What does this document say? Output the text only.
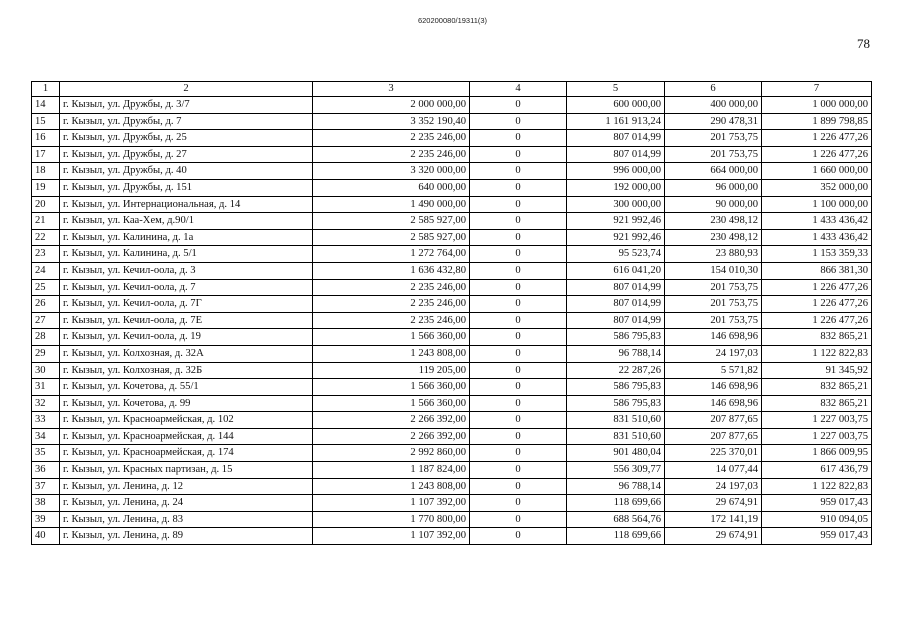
620200080/19311(3)
78
1	2	3	4	5	6	7
14	г. Кызыл, ул. Дружбы, д. 3/7	2 000 000,00	0	600 000,00	400 000,00	1 000 000,00
15	г. Кызыл, ул. Дружбы, д. 7	3 352 190,40	0	1 161 913,24	290 478,31	1 899 798,85
16	г. Кызыл, ул. Дружбы, д. 25	2 235 246,00	0	807 014,99	201 753,75	1 226 477,26
17	г. Кызыл, ул. Дружбы, д. 27	2 235 246,00	0	807 014,99	201 753,75	1 226 477,26
18	г. Кызыл, ул. Дружбы, д. 40	3 320 000,00	0	996 000,00	664 000,00	1 660 000,00
19	г. Кызыл, ул. Дружбы, д. 151	640 000,00	0	192 000,00	96 000,00	352 000,00
20	г. Кызыл, ул. Интернациональная, д. 14	1 490 000,00	0	300 000,00	90 000,00	1 100 000,00
21	г. Кызыл, ул. Каа-Хем, д.90/1	2 585 927,00	0	921 992,46	230 498,12	1 433 436,42
22	г. Кызыл, ул. Калинина, д. 1а	2 585 927,00	0	921 992,46	230 498,12	1 433 436,42
23	г. Кызыл, ул. Калинина, д. 5/1	1 272 764,00	0	95 523,74	23 880,93	1 153 359,33
24	г. Кызыл, ул. Кечил-оола, д. 3	1 636 432,80	0	616 041,20	154 010,30	866 381,30
25	г. Кызыл, ул. Кечил-оола, д. 7	2 235 246,00	0	807 014,99	201 753,75	1 226 477,26
26	г. Кызыл, ул. Кечил-оола, д. 7Г	2 235 246,00	0	807 014,99	201 753,75	1 226 477,26
27	г. Кызыл, ул. Кечил-оола, д. 7Е	2 235 246,00	0	807 014,99	201 753,75	1 226 477,26
28	г. Кызыл, ул. Кечил-оола, д. 19	1 566 360,00	0	586 795,83	146 698,96	832 865,21
29	г. Кызыл, ул. Колхозная, д. 32А	1 243 808,00	0	96 788,14	24 197,03	1 122 822,83
30	г. Кызыл, ул. Колхозная, д. 32Б	119 205,00	0	22 287,26	5 571,82	91 345,92
31	г. Кызыл, ул. Кочетова, д. 55/1	1 566 360,00	0	586 795,83	146 698,96	832 865,21
32	г. Кызыл, ул. Кочетова, д. 99	1 566 360,00	0	586 795,83	146 698,96	832 865,21
33	г. Кызыл, ул. Красноармейская, д. 102	2 266 392,00	0	831 510,60	207 877,65	1 227 003,75
34	г. Кызыл, ул. Красноармейская, д. 144	2 266 392,00	0	831 510,60	207 877,65	1 227 003,75
35	г. Кызыл, ул. Красноармейская, д. 174	2 992 860,00	0	901 480,04	225 370,01	1 866 009,95
36	г. Кызыл, ул. Красных партизан, д. 15	1 187 824,00	0	556 309,77	14 077,44	617 436,79
37	г. Кызыл, ул. Ленина, д. 12	1 243 808,00	0	96 788,14	24 197,03	1 122 822,83
38	г. Кызыл, ул. Ленина, д. 24	1 107 392,00	0	118 699,66	29 674,91	959 017,43
39	г. Кызыл, ул. Ленина, д. 83	1 770 800,00	0	688 564,76	172 141,19	910 094,05
40	г. Кызыл, ул. Ленина, д. 89	1 107 392,00	0	118 699,66	29 674,91	959 017,43
